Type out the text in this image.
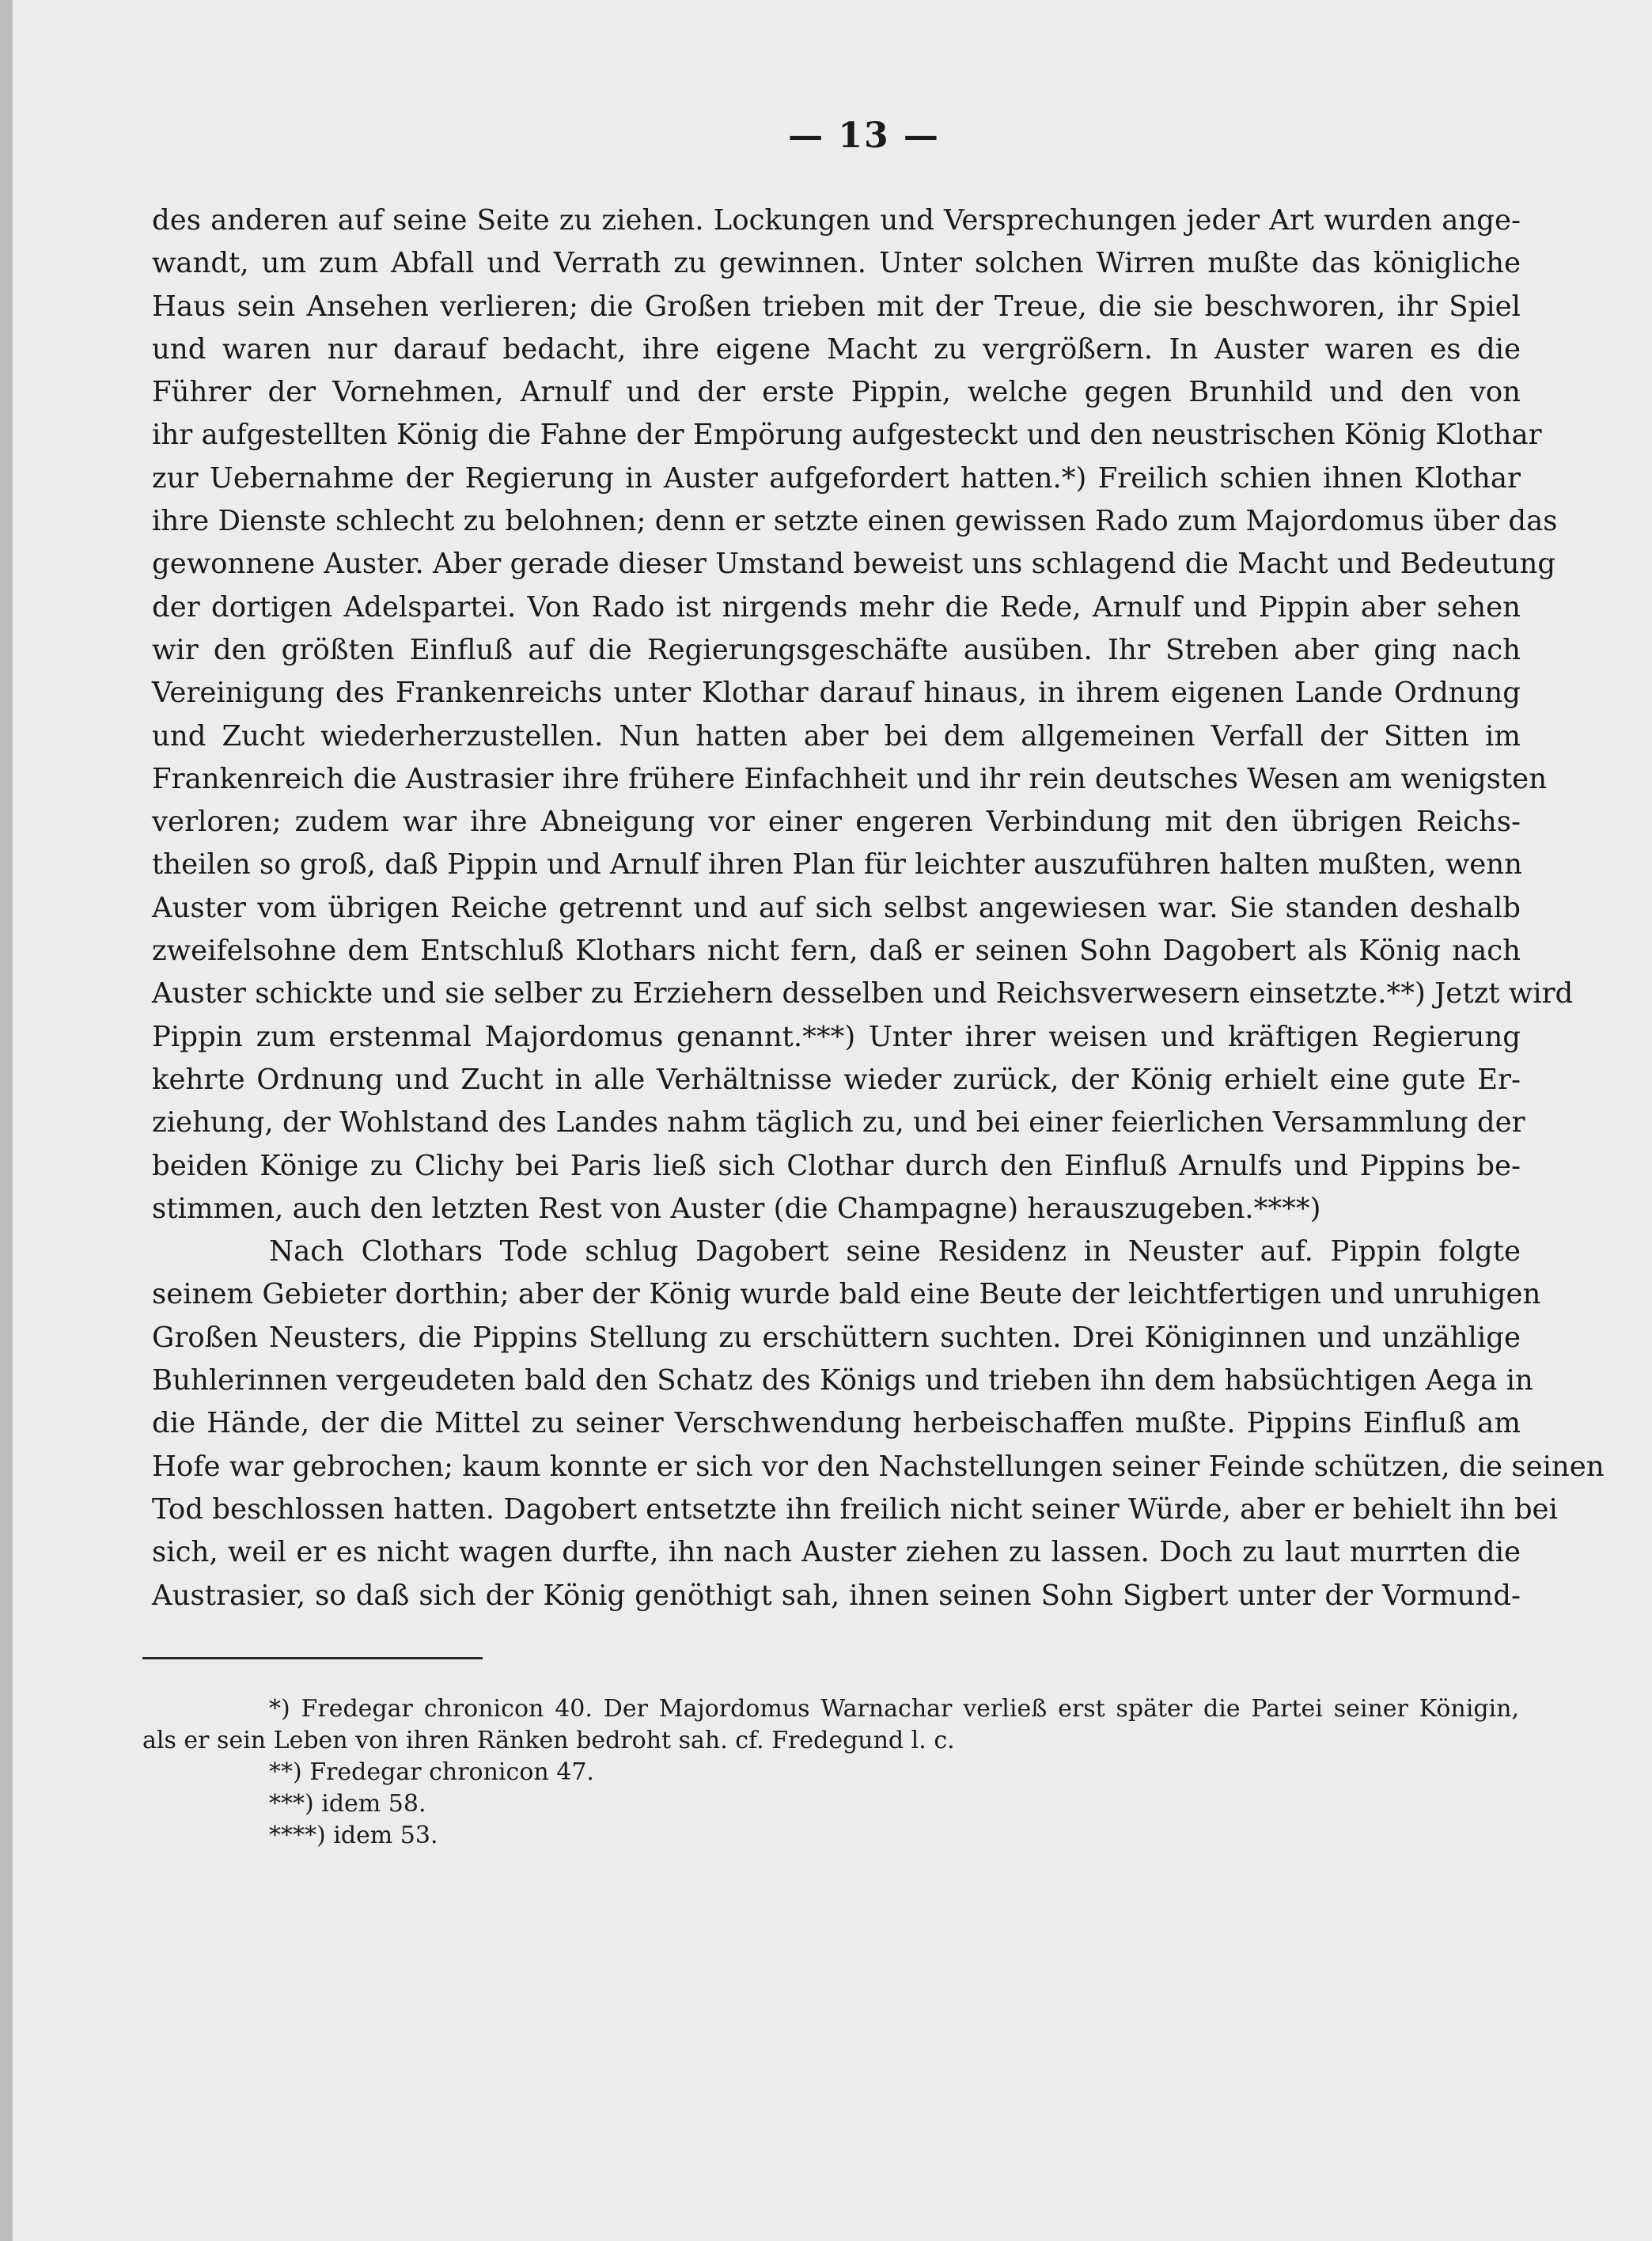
— 13 —
des anderen auf seine Seite zu ziehen. Lockungen und Versprechungen jeder Art wurden ange-
wandt, um zum Abfall und Verrath zu gewinnen. Unter solchen Wirren mußte das königliche
Haus sein Ansehen verlieren; die Großen trieben mit der Treue, die sie beschworen, ihr Spiel
und waren nur darauf bedacht, ihre eigene Macht zu vergrößern. In Auster waren es die
Führer der Vornehmen, Arnulf und der erste Pippin, welche gegen Brunhild und den von
ihr aufgestellten König die Fahne der Empörung aufgesteckt und den neustrischen König Klothar
zur Uebernahme der Regierung in Auster aufgefordert hatten.*) Freilich schien ihnen Klothar
ihre Dienste schlecht zu belohnen; denn er setzte einen gewissen Rado zum Majordomus über das
gewonnene Auster. Aber gerade dieser Umstand beweist uns schlagend die Macht und Bedeutung
der dortigen Adelspartei. Von Rado ist nirgends mehr die Rede, Arnulf und Pippin aber sehen
wir den größten Einfluß auf die Regierungsgeschäfte ausüben. Ihr Streben aber ging nach
Vereinigung des Frankenreichs unter Klothar darauf hinaus, in ihrem eigenen Lande Ordnung
und Zucht wiederherzustellen. Nun hatten aber bei dem allgemeinen Verfall der Sitten im
Frankenreich die Austrasier ihre frühere Einfachheit und ihr rein deutsches Wesen am wenigsten
verloren; zudem war ihre Abneigung vor einer engeren Verbindung mit den übrigen Reichs-
theilen so groß, daß Pippin und Arnulf ihren Plan für leichter auszuführen halten mußten, wenn
Auster vom übrigen Reiche getrennt und auf sich selbst angewiesen war. Sie standen deshalb
zweifelsohne dem Entschluß Klothars nicht fern, daß er seinen Sohn Dagobert als König nach
Auster schickte und sie selber zu Erziehern desselben und Reichsverwesern einsetzte.**) Jetzt wird
Pippin zum erstenmal Majordomus genannt.***) Unter ihrer weisen und kräftigen Regierung
kehrte Ordnung und Zucht in alle Verhältnisse wieder zurück, der König erhielt eine gute Er-
ziehung, der Wohlstand des Landes nahm täglich zu, und bei einer feierlichen Versammlung der
beiden Könige zu Clichy bei Paris ließ sich Clothar durch den Einfluß Arnulfs und Pippins be-
stimmen, auch den letzten Rest von Auster (die Champagne) herauszugeben.****)
Nach Clothars Tode schlug Dagobert seine Residenz in Neuster auf. Pippin folgte
seinem Gebieter dorthin; aber der König wurde bald eine Beute der leichtfertigen und unruhigen
Großen Neusters, die Pippins Stellung zu erschüttern suchten. Drei Königinnen und unzählige
Buhlerinnen vergeudeten bald den Schatz des Königs und trieben ihn dem habsüchtigen Aega in
die Hände, der die Mittel zu seiner Verschwendung herbeischaffen mußte. Pippins Einfluß am
Hofe war gebrochen; kaum konnte er sich vor den Nachstellungen seiner Feinde schützen, die seinen
Tod beschlossen hatten. Dagobert entsetzte ihn freilich nicht seiner Würde, aber er behielt ihn bei
sich, weil er es nicht wagen durfte, ihn nach Auster ziehen zu lassen. Doch zu laut murrten die
Austrasier, so daß sich der König genöthigt sah, ihnen seinen Sohn Sigbert unter der Vormund-
*) Fredegar chronicon 40. Der Majordomus Warnachar verließ erst später die Partei seiner Königin,
als er sein Leben von ihren Ränken bedroht sah. cf. Fredegund l. c.
**) Fredegar chronicon 47.
***) idem 58.
****) idem 53.
